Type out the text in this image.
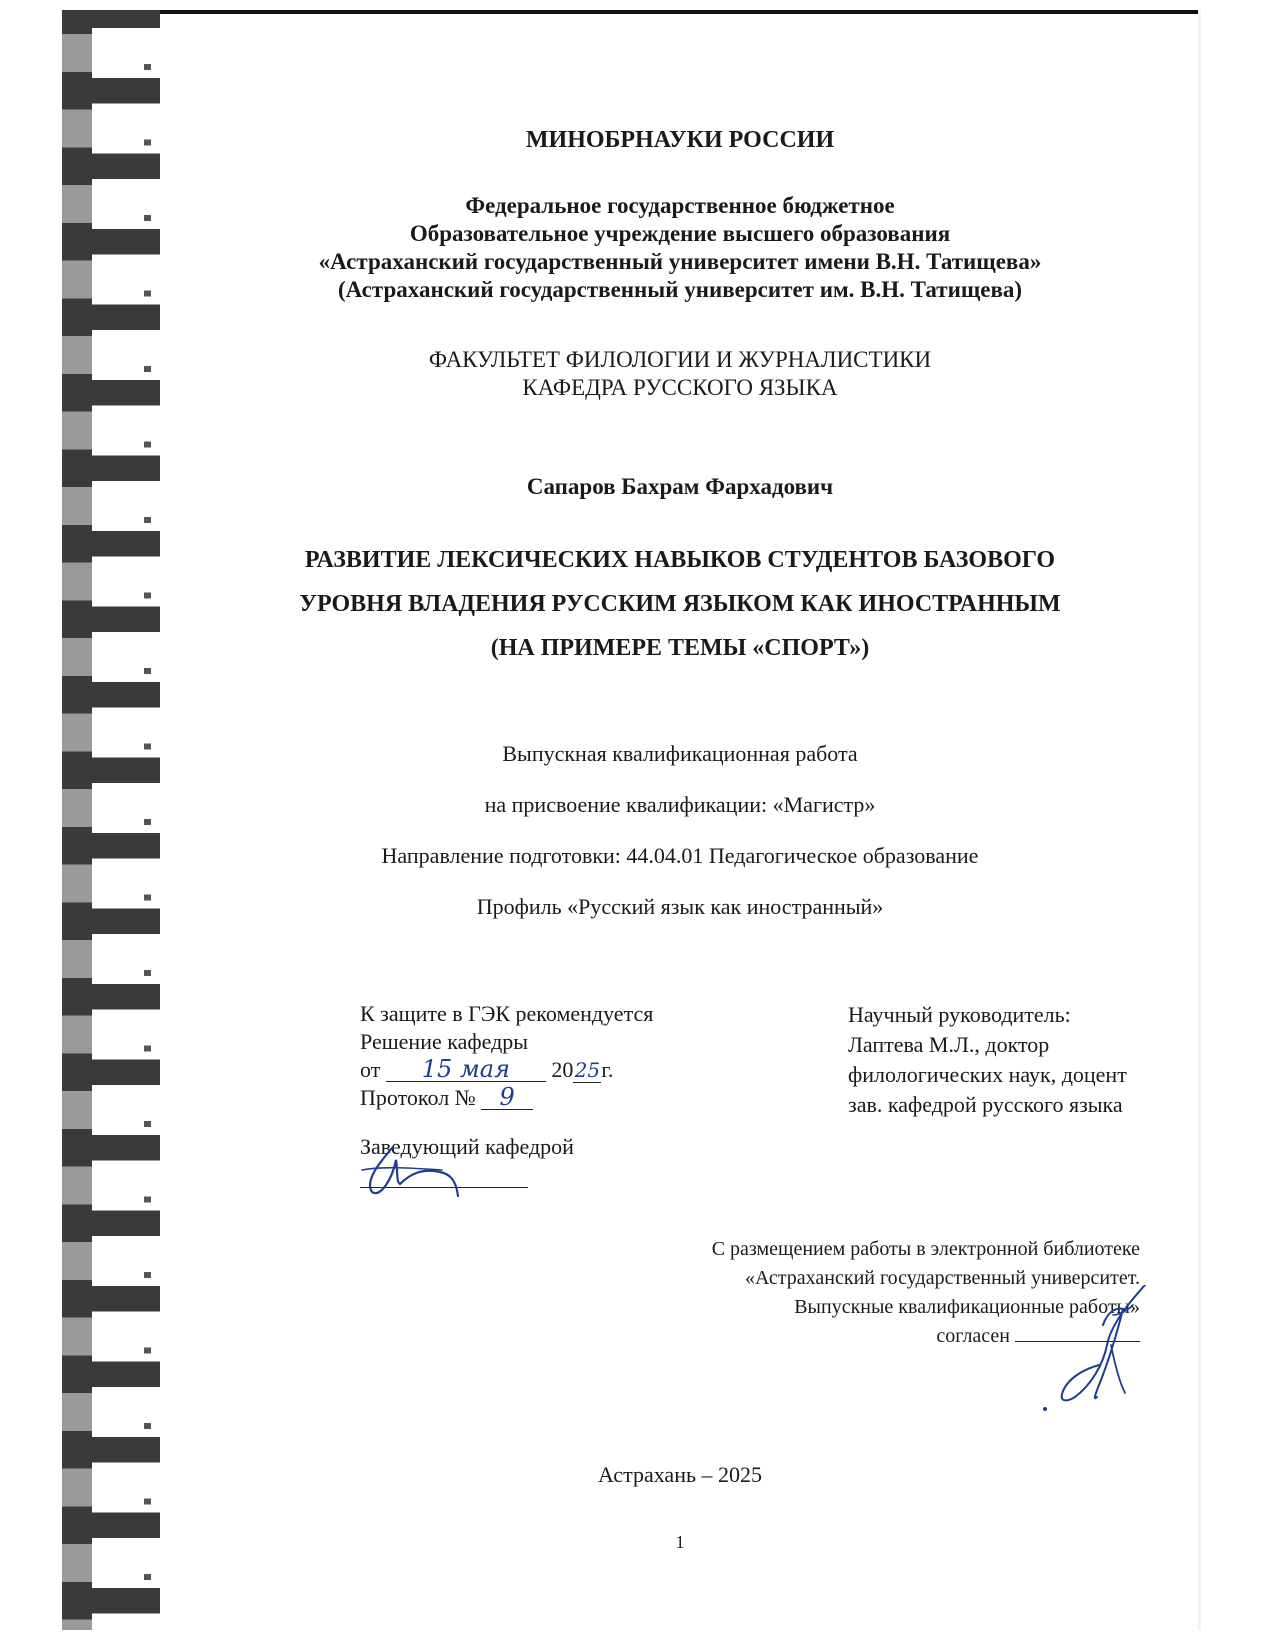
МИНОБРНАУКИ РОССИИ
Федеральное государственное бюджетное
Образовательное учреждение высшего образования
«Астраханский государственный университет имени В.Н. Татищева»
(Астраханский государственный университет им. В.Н. Татищева)
ФАКУЛЬТЕТ ФИЛОЛОГИИ И ЖУРНАЛИСТИКИ
КАФЕДРА РУССКОГО ЯЗЫКА
Сапаров Бахрам Фархадович
РАЗВИТИЕ ЛЕКСИЧЕСКИХ НАВЫКОВ СТУДЕНТОВ БАЗОВОГО
УРОВНЯ ВЛАДЕНИЯ РУССКИМ ЯЗЫКОМ КАК ИНОСТРАННЫМ
(НА ПРИМЕРЕ ТЕМЫ «СПОРТ»)
Выпускная квалификационная работа
на присвоение квалификации: «Магистр»
Направление подготовки: 44.04.01 Педагогическое образование
Профиль «Русский язык как иностранный»
К защите в ГЭК рекомендуется
Решение кафедры
от 15 мая 2025г.
Протокол № 9
Научный руководитель:
Лаптева М.Л., доктор
филологических наук, доцент
зав. кафедрой русского языка
Заведующий кафедрой
С размещением работы в электронной библиотеке
«Астраханский государственный университет.
Выпускные квалификационные работы»
согласен
Астрахань – 2025
1
